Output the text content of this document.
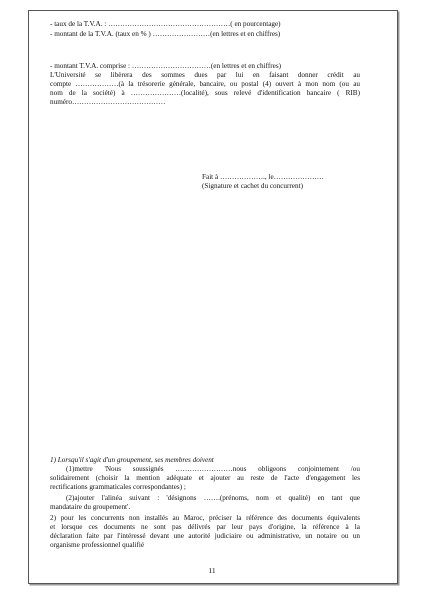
- taux de la T.V.A. : ……………………………………………( en pourcentage)
- montant de la T.V.A. (taux en % ) ……………………(en lettres et en chiffres)
- montant T.V.A. comprise : ……………………………(en lettres et en chiffres)
L'Université se libèrera des sommes dues par lui en faisant donner crédit au
compte ………………(à la trésorerie générale, bancaire, ou postal (4) ouvert à mon nom (ou au
nom de la société) à …………………(localité), sous relevé d'identification bancaire ( RIB)
numéro…………………………………
Fait à ………………., le…………………
(Signature et cachet du concurrent)
1) Lorsqu'il s'agit d'un groupement, ses membres doivent
(1)mettre 'Nous soussignés ……………………nous obligeons conjointement /ou
solidairement (choisir la mention adéquate et ajouter au reste de l'acte d'engagement les
rectifications grammaticales correspondantes) ;
(2)ajouter l'alinéa suivant : 'désignons …….(prénoms, nom et qualité) en tant que
mandataire du groupement'.
2) pour les concurrents non installés au Maroc, préciser la référence des documents équivalents
et lorsque ces documents ne sont pas délivrés par leur pays d'origine, la référence à la
déclaration faite par l'intéressé devant une autorité judiciaire ou administrative, un notaire ou un
organisme professionnel qualifié
11
